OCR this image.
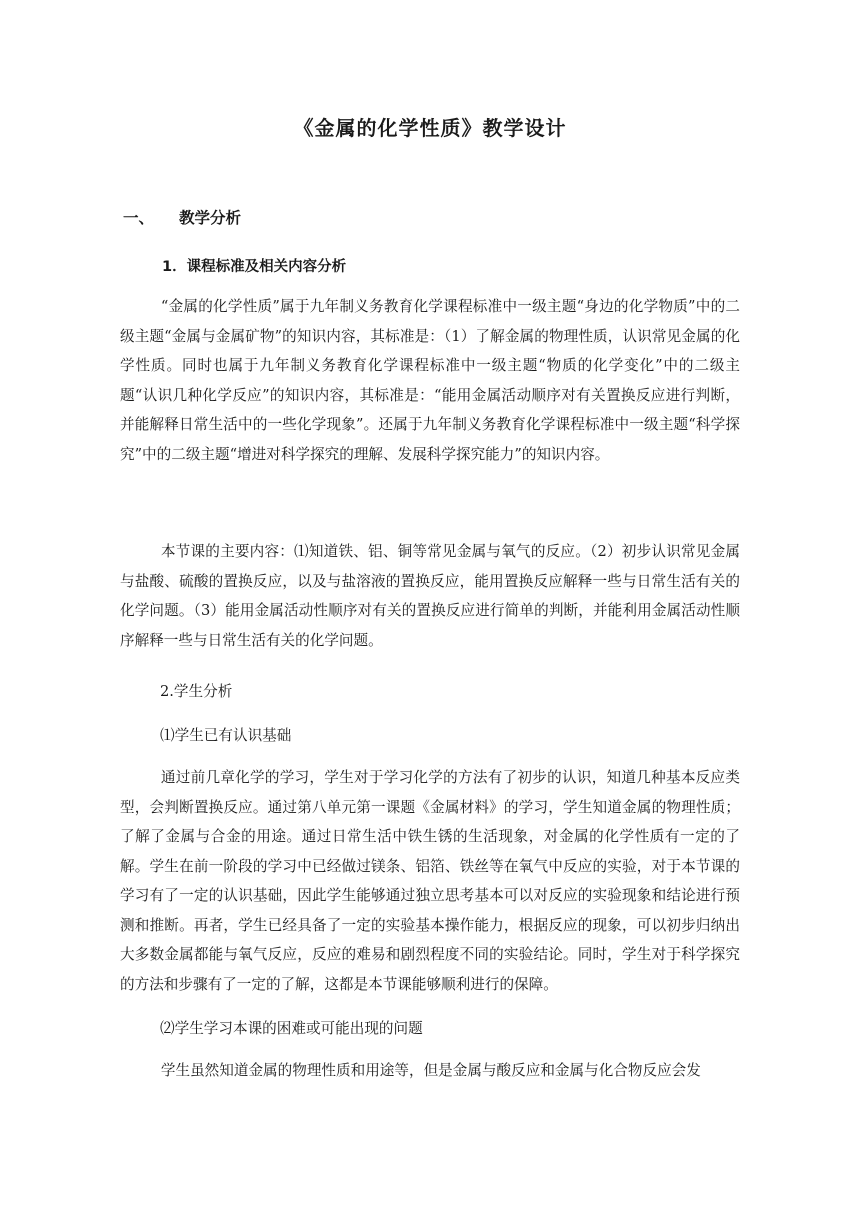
《金属的化学性质》教学设计
一、 教学分析
1．课程标准及相关内容分析
“金属的化学性质”属于九年制义务教育化学课程标准中一级主题“身边的化学物质”中的二级主题“金属与金属矿物”的知识内容，其标准是：（1）了解金属的物理性质，认识常见金属的化学性质。同时也属于九年制义务教育化学课程标准中一级主题“物质的化学变化”中的二级主题“认识几种化学反应”的知识内容，其标准是：“能用金属活动顺序对有关置换反应进行判断，并能解释日常生活中的一些化学现象”。还属于九年制义务教育化学课程标准中一级主题“科学探究”中的二级主题“增进对科学探究的理解、发展科学探究能力”的知识内容。
本节课的主要内容：⑴知道铁、铝、铜等常见金属与氧气的反应。（2）初步认识常见金属与盐酸、硫酸的置换反应，以及与盐溶液的置换反应，能用置换反应解释一些与日常生活有关的化学问题。（3）能用金属活动性顺序对有关的置换反应进行简单的判断，并能利用金属活动性顺序解释一些与日常生活有关的化学问题。
2.学生分析
⑴学生已有认识基础
通过前几章化学的学习，学生对于学习化学的方法有了初步的认识，知道几种基本反应类型，会判断置换反应。通过第八单元第一课题《金属材料》的学习，学生知道金属的物理性质；了解了金属与合金的用途。通过日常生活中铁生锈的生活现象，对金属的化学性质有一定的了解。学生在前一阶段的学习中已经做过镁条、铝箔、铁丝等在氧气中反应的实验，对于本节课的学习有了一定的认识基础，因此学生能够通过独立思考基本可以对反应的实验现象和结论进行预测和推断。再者，学生已经具备了一定的实验基本操作能力，根据反应的现象，可以初步归纳出大多数金属都能与氧气反应，反应的难易和剧烈程度不同的实验结论。同时，学生对于科学探究的方法和步骤有了一定的了解，这都是本节课能够顺利进行的保障。
⑵学生学习本课的困难或可能出现的问题
学生虽然知道金属的物理性质和用途等，但是金属与酸反应和金属与化合物反应会发
